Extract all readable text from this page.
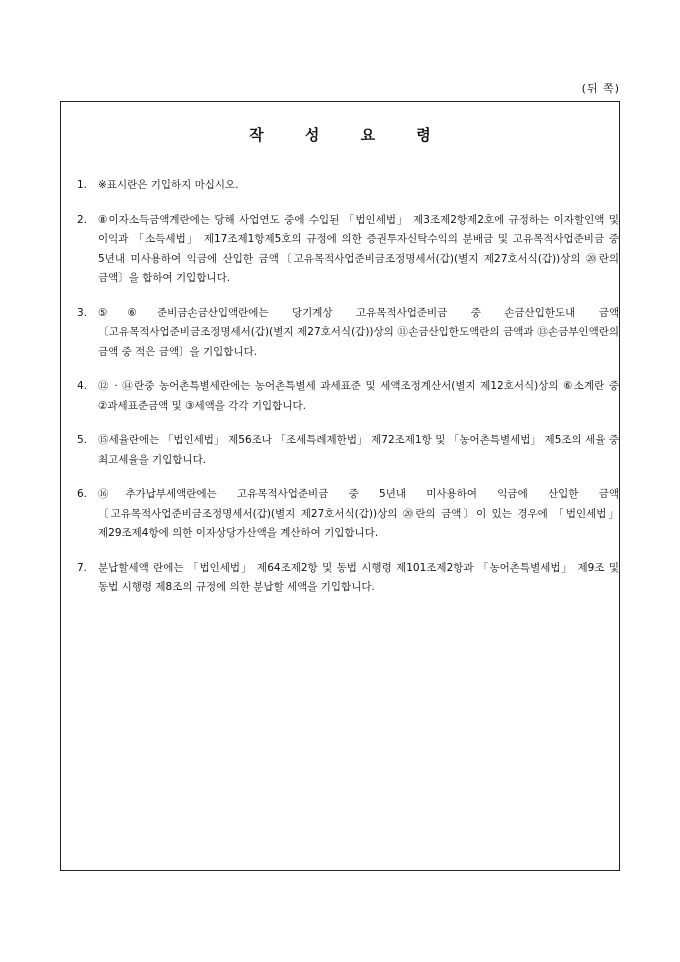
(뒤 쪽)
작 성 요 령
1.	※표시란은 기입하지 마십시오.
2.	⑧이자소득금액계란에는 당해 사업연도 중에 수입된 「법인세법」 제3조제2항제2호에 규정하는 이자할인액 및 이익과 「소득세법」 제17조제1항제5호의 규정에 의한 증권투자신탁수익의 분배금 및 고유목적사업준비금 중 5년내 미사용하여 익금에 산입한 금액〔고유목적사업준비금조정명세서(갑)(별지 제27호서식(갑))상의 ⑳란의 금액〕을 합하여 기입합니다.
3.	⑤⑥준비금손금산입액란에는 당기계상 고유목적사업준비금 중 손금산입한도내 금액〔고유목적사업준비금조정명세서(갑)(별지 제27호서식(갑))상의 ⑪손금산입한도액란의 금액과 ⑬손금부인액란의 금액 중 적은 금액〕을 기입합니다.
4.	⑫ · ⑭란중 농어촌특별세란에는 농어촌특별세 과세표준 및 세액조정계산서(별지 제12호서식)상의 ⑥소계란 중 ②과세표준금액 및 ③세액을 각각 기입합니다.
5.	⑮세율란에는 「법인세법」 제56조나 「조세특례제한법」 제72조제1항 및 「농어촌특별세법」 제5조의 세율 중 최고세율을 기입합니다.
6.	⑯추가납부세액란에는 고유목적사업준비금 중 5년내 미사용하여 익금에 산입한 금액〔고유목적사업준비금조정명세서(갑)(별지 제27호서식(갑))상의 ⑳란의 금액〕이 있는 경우에 「법인세법」 제29조제4항에 의한 이자상당가산액을 계산하여 기입합니다.
7.	분납할세액 란에는 「법인세법」 제64조제2항 및 동법 시행령 제101조제2항과 「농어촌특별세법」 제9조 및 동법 시행령 제8조의 규정에 의한 분납할 세액을 기입합니다.
